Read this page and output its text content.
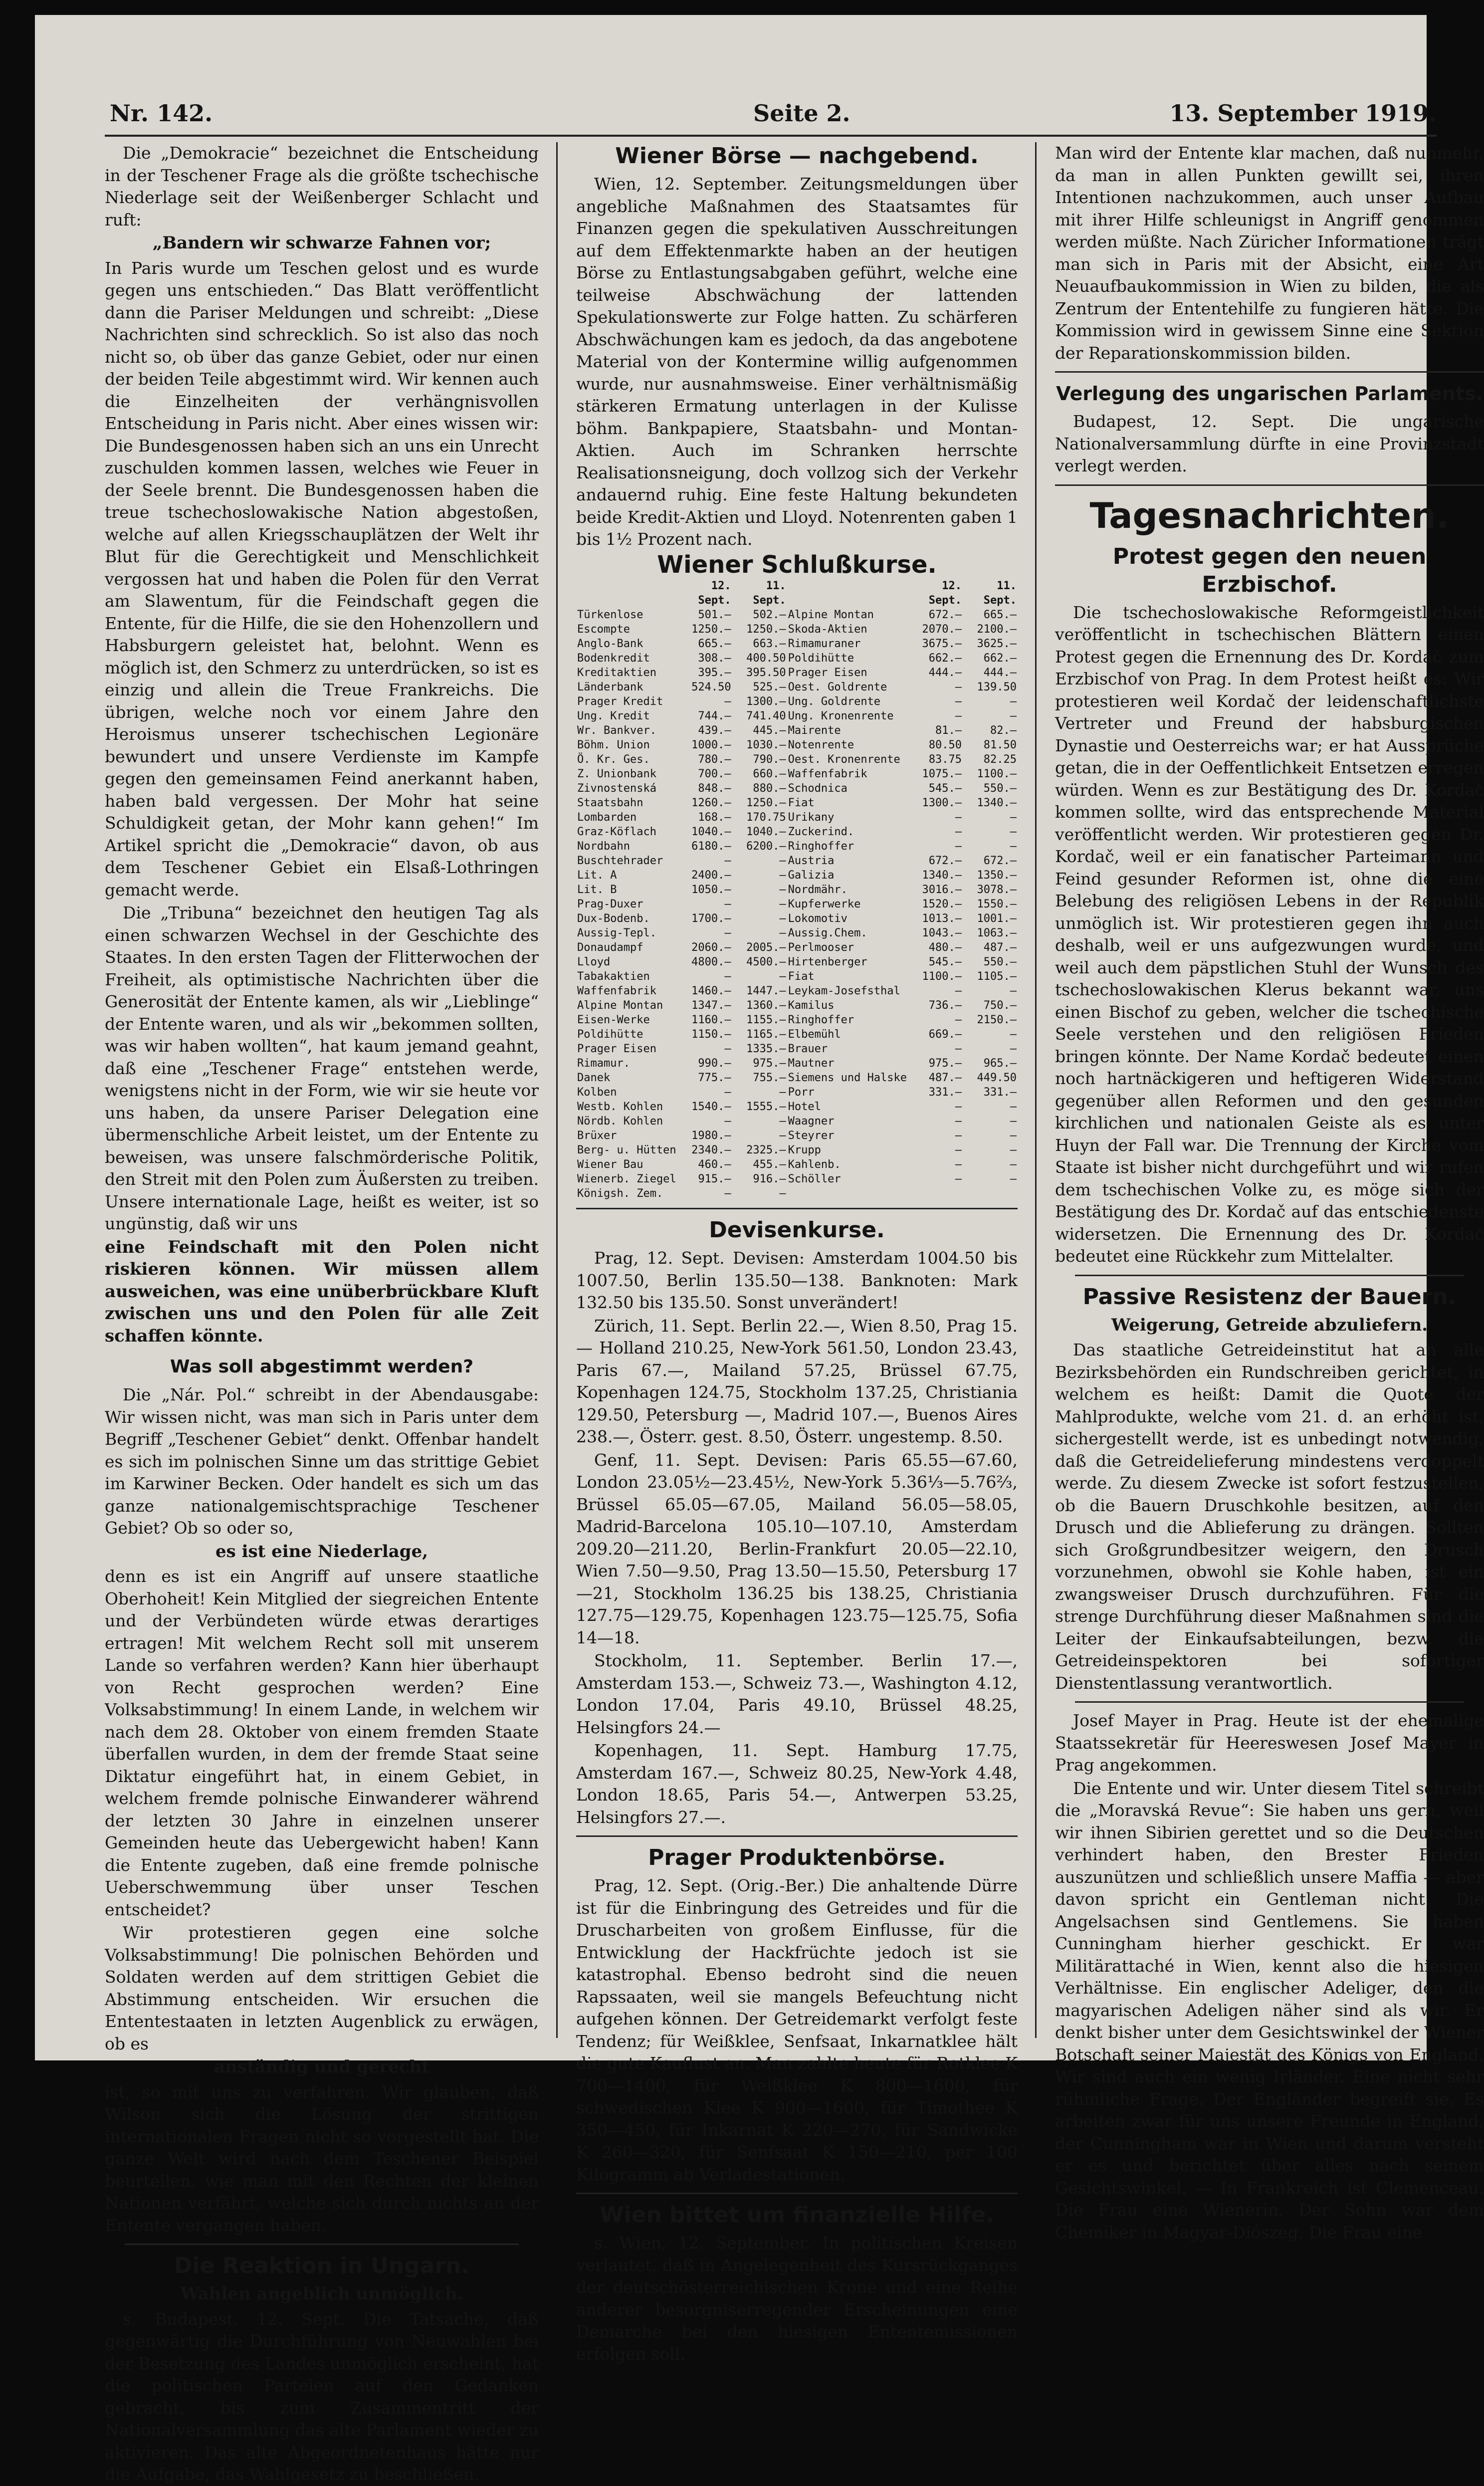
Nr. 142.	Seite 2.	13. September 1919.

Die „Demokracie“ bezeichnet die Entscheidung in der Teschener Frage als die größte tschechische Niederlage seit der Weißenberger Schlacht und ruft:

„Bandern wir schwarze Fahnen vor;

In Paris wurde um Teschen gelost und es wurde gegen uns entschieden.“ Das Blatt veröffentlicht dann die Pariser Meldungen und schreibt: „Diese Nachrichten sind schrecklich. So ist also das noch nicht so, ob über das ganze Gebiet, oder nur einen der beiden Teile abgestimmt wird. Wir kennen auch die Einzelheiten der verhängnisvollen Entscheidung in Paris nicht. Aber eines wissen wir: Die Bundesgenossen haben sich an uns ein Unrecht zuschulden kommen lassen, welches wie Feuer in der Seele brennt. Die Bundesgenossen haben die treue tschechoslowakische Nation abgestoßen, welche auf allen Kriegsschauplätzen der Welt ihr Blut für die Gerechtigkeit und Menschlichkeit vergossen hat und haben die Polen für den Verrat am Slawentum, für die Feindschaft gegen die Entente, für die Hilfe, die sie den Hohenzollern und Habsburgern geleistet hat, belohnt. Wenn es möglich ist, den Schmerz zu unterdrücken, so ist es einzig und allein die Treue Frankreichs. Die übrigen, welche noch vor einem Jahre den Heroismus unserer tschechischen Legionäre bewundert und unsere Verdienste im Kampfe gegen den gemeinsamen Feind anerkannt haben, haben bald vergessen. Der Mohr hat seine Schuldigkeit getan, der Mohr kann gehen!“ Im Artikel spricht die „Demokracie“ davon, ob aus dem Teschener Gebiet ein Elsaß-Lothringen gemacht werde.

Die „Tribuna“ bezeichnet den heutigen Tag als einen schwarzen Wechsel in der Geschichte des Staates. In den ersten Tagen der Flitterwochen der Freiheit, als optimistische Nachrichten über die Generosität der Entente kamen, als wir „Lieblinge“ der Entente waren, und als wir „bekommen sollten, was wir haben wollten“, hat kaum jemand geahnt, daß eine „Teschener Frage“ entstehen werde, wenigstens nicht in der Form, wie wir sie heute vor uns haben, da unsere Pariser Delegation eine übermenschliche Arbeit leistet, um der Entente zu beweisen, was unsere falschmörderische Politik, den Streit mit den Polen zum Äußersten zu treiben. Unsere internationale Lage, heißt es weiter, ist so ungünstig, daß wir uns

eine Feindschaft mit den Polen nicht riskieren können. Wir müssen allem ausweichen, was eine unüberbrückbare Kluft zwischen uns und den Polen für alle Zeit schaffen könnte.
Was soll abgestimmt werden?

Die „Nár. Pol.“ schreibt in der Abendausgabe: Wir wissen nicht, was man sich in Paris unter dem Begriff „Teschener Gebiet“ denkt. Offenbar handelt es sich im polnischen Sinne um das strittige Gebiet im Karwiner Becken. Oder handelt es sich um das ganze nationalgemischtsprachige Teschener Gebiet? Ob so oder so,

es ist eine Niederlage,

denn es ist ein Angriff auf unsere staatliche Oberhoheit! Kein Mitglied der siegreichen Entente und der Verbündeten würde etwas derartiges ertragen! Mit welchem Recht soll mit unserem Lande so verfahren werden? Kann hier überhaupt von Recht gesprochen werden? Eine Volksabstimmung! In einem Lande, in welchem wir nach dem 28. Oktober von einem fremden Staate überfallen wurden, in dem der fremde Staat seine Diktatur eingeführt hat, in einem Gebiet, in welchem fremde polnische Einwanderer während der letzten 30 Jahre in einzelnen unserer Gemeinden heute das Uebergewicht haben! Kann die Entente zugeben, daß eine fremde polnische Ueberschwemmung über unser Teschen entscheidet?

Wir protestieren gegen eine solche Volksabstimmung! Die polnischen Behörden und Soldaten werden auf dem strittigen Gebiet die Abstimmung entscheiden. Wir ersuchen die Ententestaaten in letzten Augenblick zu erwägen, ob es

anständig und gerecht

ist, so mit uns zu verfahren. Wir glauben, daß Wilson sich die Lösung der strittigen internationalen Fragen nicht so vorgestellt hat. Die ganze Welt wird nach dem Teschener Beispiel beurteilen, wie man mit den Rechten der kleinen Nationen verfährt, welche sich durch nichts an der Entente vergangen haben.

Die Reaktion in Ungarn.
Wahlen angeblich unmöglich.

s. Budapest, 12. Sept. Die Tatsache, daß gegenwärtig die Durchführung von Neuwahlen bei der Besetzung des Landes unmöglich erscheint, hat die politischen Parteien auf den Gedanken gebracht, bis zum Zusammentritt der Nationalversammlung das alte Parlament wieder zu aktivieren. Das alte Abgeordnetenhaus hätte nur die Aufgabe, das Wahlgesetz zu beschließen.

Wiener Börse — nachgebend.

Wien, 12. September. Zeitungsmeldungen über angebliche Maßnahmen des Staatsamtes für Finanzen gegen die spekulativen Ausschreitungen auf dem Effektenmarkte haben an der heutigen Börse zu Entlastungsabgaben geführt, welche eine teilweise Abschwächung der lattenden Spekulationswerte zur Folge hatten. Zu schärferen Abschwächungen kam es jedoch, da das angebotene Material von der Kontermine willig aufgenommen wurde, nur ausnahmsweise. Einer verhältnismäßig stärkeren Ermatung unterlagen in der Kulisse böhm. Bankpapiere, Staatsbahn- und Montan-Aktien. Auch im Schranken herrschte Realisationsneigung, doch vollzog sich der Verkehr andauernd ruhig. Eine feste Haltung bekundeten beide Kredit-Aktien und Lloyd. Notenrenten gaben 1 bis 1½ Prozent nach.

Wiener Schlußkurse.
	12. Sept.	11. Sept.		12. Sept.	11. Sept.
Türkenlose	501.—	502.—	Alpine Montan	672.—	665.—
Escompte	1250.—	1250.—	Skoda-Aktien	2070.—	2100.—
Anglo-Bank	665.—	663.—	Rimamuraner	3675.—	3625.—
Bodenkredit	308.—	400.50	Poldihütte	662.—	662.—
Kreditaktien	395.—	395.50	Prager Eisen	444.—	444.—
Länderbank	524.50	525.—	Oest. Goldrente	—	139.50
Prager Kredit	—	1300.—	Ung. Goldrente	—	—
Ung. Kredit	744.—	741.40	Ung. Kronenrente	—	—
Wr. Bankver.	439.—	445.—	Mairente	81.—	82.—
Böhm. Union	1000.—	1030.—	Notenrente	80.50	81.50
Ö. Kr. Ges.	780.—	790.—	Oest. Kronenrente	83.75	82.25
Z. Unionbank	700.—	660.—	Waffenfabrik	1075.—	1100.—
Zivnostenská	848.—	880.—	Schodnica	545.—	550.—
Staatsbahn	1260.—	1250.—	Fiat	1300.—	1340.—
Lombarden	168.—	170.75	Urikany	—	—
Graz-Köflach	1040.—	1040.—	Zuckerind.	—	—
Nordbahn	6180.—	6200.—	Ringhoffer	—	—
Buschtehrader	—	—	Austria	672.—	672.—
Lit. A	2400.—	—	Galizia	1340.—	1350.—
Lit. B	1050.—	—	Nordmähr.	3016.—	3078.—
Prag-Duxer	—	—	Kupferwerke	1520.—	1550.—
Dux-Bodenb.	1700.—	—	Lokomotiv	1013.—	1001.—
Aussig-Tepl.	—	—	Aussig.Chem.	1043.—	1063.—
Donaudampf	2060.—	2005.—	Perlmooser	480.—	487.—
Lloyd	4800.—	4500.—	Hirtenberger	545.—	550.—
Tabakaktien	—	—	Fiat	1100.—	1105.—
Waffenfabrik	1460.—	1447.—	Leykam-Josefsthal	—	—
Alpine Montan	1347.—	1360.—	Kamilus	736.—	750.—
Eisen-Werke	1160.—	1155.—	Ringhoffer	—	2150.—
Poldihütte	1150.—	1165.—	Elbemühl	669.—	—
Prager Eisen	—	1335.—	Brauer	—	—
Rimamur.	990.—	975.—	Mautner	975.—	965.—
Danek	775.—	755.—	Siemens und Halske	487.—	449.50
Kolben	—	—	Porr	331.—	331.—
Westb. Kohlen	1540.—	1555.—	Hotel	—	—
Nördb. Kohlen	—	—	Waagner	—	—
Brüxer	1980.—	—	Steyrer	—	—
Berg- u. Hütten	2340.—	2325.—	Krupp	—	—
Wiener Bau	460.—	455.—	Kahlenb.	—	—
Wienerb. Ziegel	915.—	916.—	Schöller	—	—
Königsh. Zem.	—	—			
Devisenkurse.

Prag, 12. Sept. Devisen: Amsterdam 1004.50 bis 1007.50, Berlin 135.50—138. Banknoten: Mark 132.50 bis 135.50. Sonst unverändert!

Zürich, 11. Sept. Berlin 22.—, Wien 8.50, Prag 15.— Holland 210.25, New-York 561.50, London 23.43, Paris 67.—, Mailand 57.25, Brüssel 67.75, Kopenhagen 124.75, Stockholm 137.25, Christiania 129.50, Petersburg —, Madrid 107.—, Buenos Aires 238.—, Österr. gest. 8.50, Österr. ungestemp. 8.50.

Genf, 11. Sept. Devisen: Paris 65.55—67.60, London 23.05½—23.45½, New-York 5.36⅓—5.76⅔, Brüssel 65.05—67.05, Mailand 56.05—58.05, Madrid-Barcelona 105.10—107.10, Amsterdam 209.20—211.20, Berlin-Frankfurt 20.05—22.10, Wien 7.50—9.50, Prag 13.50—15.50, Petersburg 17—21, Stockholm 136.25 bis 138.25, Christiania 127.75—129.75, Kopenhagen 123.75—125.75, Sofia 14—18.

Stockholm, 11. September. Berlin 17.—, Amsterdam 153.—, Schweiz 73.—, Washington 4.12, London 17.04, Paris 49.10, Brüssel 48.25, Helsingfors 24.—

Kopenhagen, 11. Sept. Hamburg 17.75, Amsterdam 167.—, Schweiz 80.25, New-York 4.48, London 18.65, Paris 54.—, Antwerpen 53.25, Helsingfors 27.—.

Prager Produktenbörse.

Prag, 12. Sept. (Orig.-Ber.) Die anhaltende Dürre ist für die Einbringung des Getreides und für die Druscharbeiten von großem Einflusse, für die Entwicklung der Hackfrüchte jedoch ist sie katastrophal. Ebenso bedroht sind die neuen Rapssaaten, weil sie mangels Befeuchtung nicht aufgehen können. Der Getreidemarkt verfolgt feste Tendenz; für Weißklee, Senfsaat, Inkarnatklee hält die gute Kauflust an. Man zahlte heute für Rotklee K 700—1400, für Weißklee K 800—1600, für schwedischen Klee K 900—1600, für Timothee K 350—450, für Inkarnat K 220—270, für Sandwicke K 260—320, für Senfsaat K 150—210, per 100 Kilogramm ab Verladestationen.

Wien bittet um finanzielle Hilfe.

s. Wien, 12. September. In politischen Kreisen verlautet, daß in Angelegenheit des Kursrückganges der deutschösterreichischen Krone und eine Reihe anderer besorgniserregender Erscheinungen eine Demarche bei den hiesigen Ententemissionen erfolgen soll.

Man wird der Entente klar machen, daß nunmehr, da man in allen Punkten gewillt sei, ihren Intentionen nachzukommen, auch unser Aufbau mit ihrer Hilfe schleunigst in Angriff genommen werden müßte. Nach Züricher Informationen trägt man sich in Paris mit der Absicht, eine Art Neuaufbaukommission in Wien zu bilden, die als Zentrum der Ententehilfe zu fungieren hätte. Die Kommission wird in gewissem Sinne eine Sektion der Reparationskommission bilden.

Verlegung des ungarischen Parlaments.

Budapest, 12. Sept. Die ungarische Nationalversammlung dürfte in eine Provinzstadt verlegt werden.

Tagesnachrichten.
Protest gegen den neuen Erzbischof.

Die tschechoslowakische Reformgeistlichkeit veröffentlicht in tschechischen Blättern einen Protest gegen die Ernennung des Dr. Kordač zum Erzbischof von Prag. In dem Protest heißt es: Wir protestieren weil Kordač der leidenschaftlichste Vertreter und Freund der habsburgischen Dynastie und Oesterreichs war; er hat Aussprüche getan, die in der Oeffentlichkeit Entsetzen erregen würden. Wenn es zur Bestätigung des Dr. Kordač kommen sollte, wird das entsprechende Material veröffentlicht werden. Wir protestieren gegen Dr. Kordač, weil er ein fanatischer Parteimann und Feind gesunder Reformen ist, ohne die eine Belebung des religiösen Lebens in der Republik unmöglich ist. Wir protestieren gegen ihn auch deshalb, weil er uns aufgezwungen wurde, und weil auch dem päpstlichen Stuhl der Wunsch des tschechoslowakischen Klerus bekannt war, uns einen Bischof zu geben, welcher die tschechische Seele verstehen und den religiösen Frieden bringen könnte. Der Name Kordač bedeutet einen noch hartnäckigeren und heftigeren Widerstand gegenüber allen Reformen und den gesunden kirchlichen und nationalen Geiste als es unter Huyn der Fall war. Die Trennung der Kirche vom Staate ist bisher nicht durchgeführt und wir rufen dem tschechischen Volke zu, es möge sich der Bestätigung des Dr. Kordač auf das entschiedenste widersetzen. Die Ernennung des Dr. Kordač bedeutet eine Rückkehr zum Mittelalter.

Passive Resistenz der Bauern.
Weigerung, Getreide abzuliefern.

Das staatliche Getreideinstitut hat an alle Bezirksbehörden ein Rundschreiben gerichtet, in welchem es heißt: Damit die Quote der Mahlprodukte, welche vom 21. d. an erhöht ist, sichergestellt werde, ist es unbedingt notwendig, daß die Getreidelieferung mindestens verdoppelt werde. Zu diesem Zwecke ist sofort festzustellen, ob die Bauern Druschkohle besitzen, auf den Drusch und die Ablieferung zu drängen. Sollten sich Großgrundbesitzer weigern, den Drusch vorzunehmen, obwohl sie Kohle haben, ist ein zwangsweiser Drusch durchzuführen. Für die strenge Durchführung dieser Maßnahmen sind die Leiter der Einkaufsabteilungen, bezw. die Getreideinspektoren bei sofortiger Dienstentlassung verantwortlich.

Josef Mayer in Prag. Heute ist der ehemalige Staatssekretär für Heereswesen Josef Mayer in Prag angekommen.

Die Entente und wir. Unter diesem Titel schreibt die „Moravská Revue“: Sie haben uns gern, weil wir ihnen Sibirien gerettet und so die Deutschen verhindert haben, den Brester Frieden auszunützen und schließlich unsere Maffia — aber davon spricht ein Gentleman nicht. Die Angelsachsen sind Gentlemens. Sie haben Cunningham hierher geschickt. Er war Militärattaché in Wien, kennt also die hiesigen Verhältnisse. Ein englischer Adeliger, den die magyarischen Adeligen näher sind als wir. Er denkt bisher unter dem Gesichtswinkel der Wiener Botschaft seiner Majestät des Königs von England. Wir sind auch ein wenig Irländer. Eine nicht sehr rühmliche Frage. Der Engländer begreift sie. Es arbeiten zwar für uns unsere Freunde in England, der Cunningham war in Wien und darum versteht er es und berichtet über alles nach seinem Gesichtswinkel. — In Frankreich ist Clemenceau. Die Frau eine Wienerin. Der Sohn war dem Chemiker in Magyar-Diószeg. Die Frau eine
